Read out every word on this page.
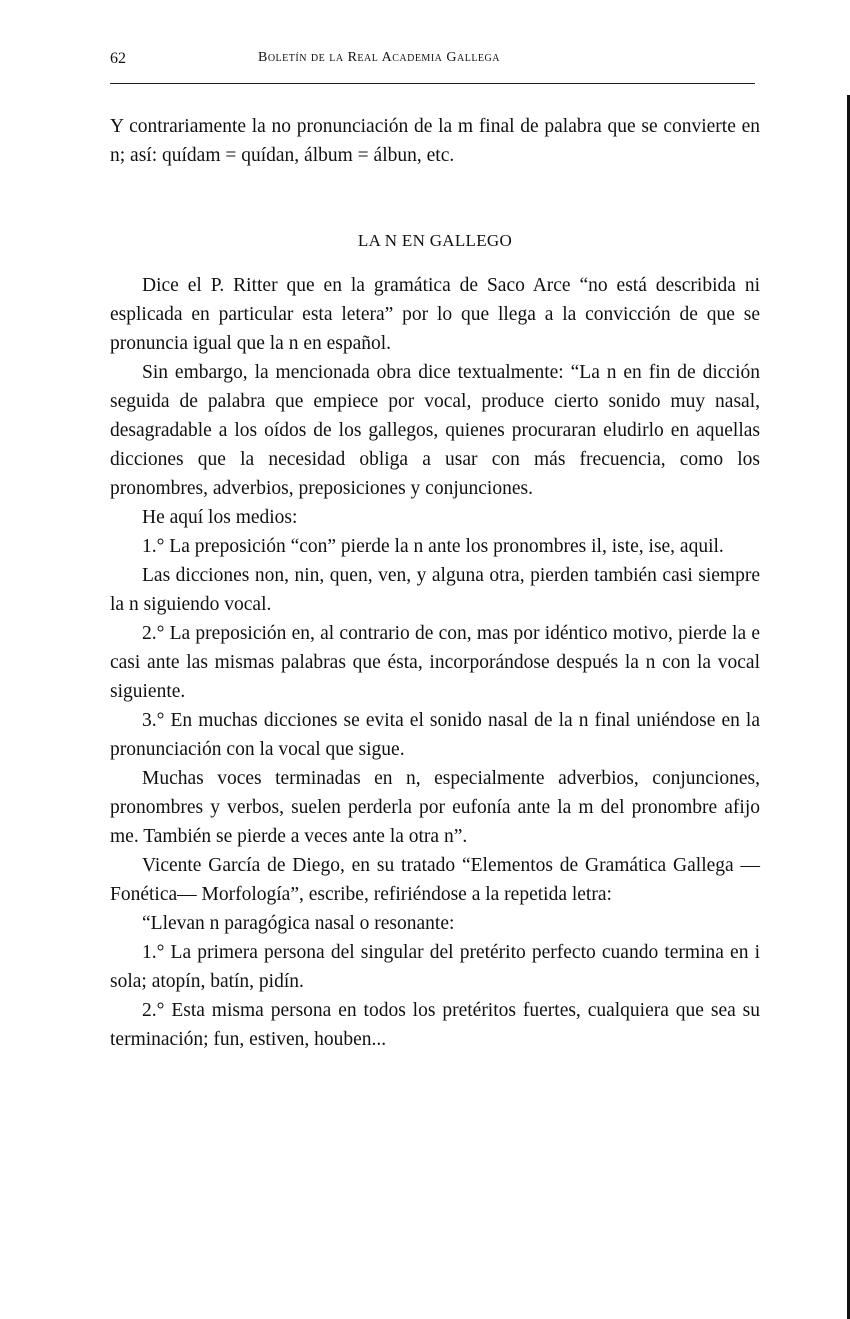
62	Boletín de la Real Academia Gallega

Y contrariamente la no pronunciación de la m final de palabra que se convierte en n; así: quídam = quídan, álbum = álbun, etc.

LA N EN GALLEGO

Dice el P. Ritter que en la gramática de Saco Arce “no está describida ni esplicada en particular esta letera” por lo que llega a la convicción de que se pronuncia igual que la n en español.

Sin embargo, la mencionada obra dice textualmente: “La n en fin de dicción seguida de palabra que empiece por vocal, produce cierto sonido muy nasal, desagradable a los oídos de los gallegos, quienes procuraran eludirlo en aquellas dicciones que la necesidad obliga a usar con más frecuencia, como los pronombres, adverbios, preposiciones y conjunciones.

He aquí los medios:

1.° La preposición “con” pierde la n ante los pronombres il, iste, ise, aquil.

Las dicciones non, nin, quen, ven, y alguna otra, pierden también casi siempre la n siguiendo vocal.

2.° La preposición en, al contrario de con, mas por idéntico motivo, pierde la e casi ante las mismas palabras que ésta, incorporándose después la n con la vocal siguiente.

3.° En muchas dicciones se evita el sonido nasal de la n final uniéndose en la pronunciación con la vocal que sigue.

Muchas voces terminadas en n, especialmente adverbios, conjunciones, pronombres y verbos, suelen perderla por eufonía ante la m del pronombre afijo me. También se pierde a veces ante la otra n”.

Vicente García de Diego, en su tratado “Elementos de Gramática Gallega —Fonética— Morfología”, escribe, refiriéndose a la repetida letra:

“Llevan n paragógica nasal o resonante:

1.° La primera persona del singular del pretérito perfecto cuando termina en i sola; atopín, batín, pidín.

2.° Esta misma persona en todos los pretéritos fuertes, cualquiera que sea su terminación; fun, estiven, houben...
